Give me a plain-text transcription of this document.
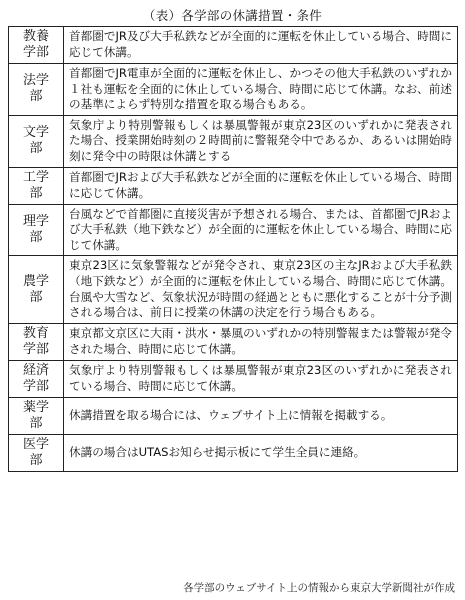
（表）各学部の休講措置・条件
教養学部	首都圏でJR及び大手私鉄などが全面的に運転を休止している場合、時間に応じて休講。
法学部	首都圏でJR電車が全面的に運転を休止し、かつその他大手私鉄のいずれか１社も運転を全面的に休止している場合、時間に応じて休講。なお、前述の基準によらず特別な措置を取る場合もある。
文学部	気象庁より特別警報もしくは暴風警報が東京23区のいずれかに発表された場合、授業開始時刻の２時間前に警報発令中であるか、あるいは開始時刻に発令中の時限は休講とする
工学部	首都圏でJRおよび大手私鉄などが全面的に運転を休止している場合、時間に応じて休講。
理学部	台風などで首都圏に直接災害が予想される場合、または、首都圏でJRおよび大手私鉄（地下鉄など）が全面的に運転を休止している場合、時間に応じて休講。
農学部	東京23区に気象警報などが発令され、東京23区の主なJRおよび大手私鉄（地下鉄など）が全面的に運転を休止している場合、時間に応じて休講。台風や大雪など、気象状況が時間の経過とともに悪化することが十分予測される場合は、前日に授業の休講の決定を行う場合もある。
教育学部	東京都文京区に大雨・洪水・暴風のいずれかの特別警報または警報が発令された場合、時間に応じて休講。
経済学部	気象庁より特別警報もしくは暴風警報が東京23区のいずれかに発表されている場合、時間に応じて休講。
薬学部	休講措置を取る場合には、ウェブサイト上に情報を掲載する。
医学部	休講の場合はUTASお知らせ掲示板にて学生全員に連絡。
各学部のウェブサイト上の情報から東京大学新聞社が作成
